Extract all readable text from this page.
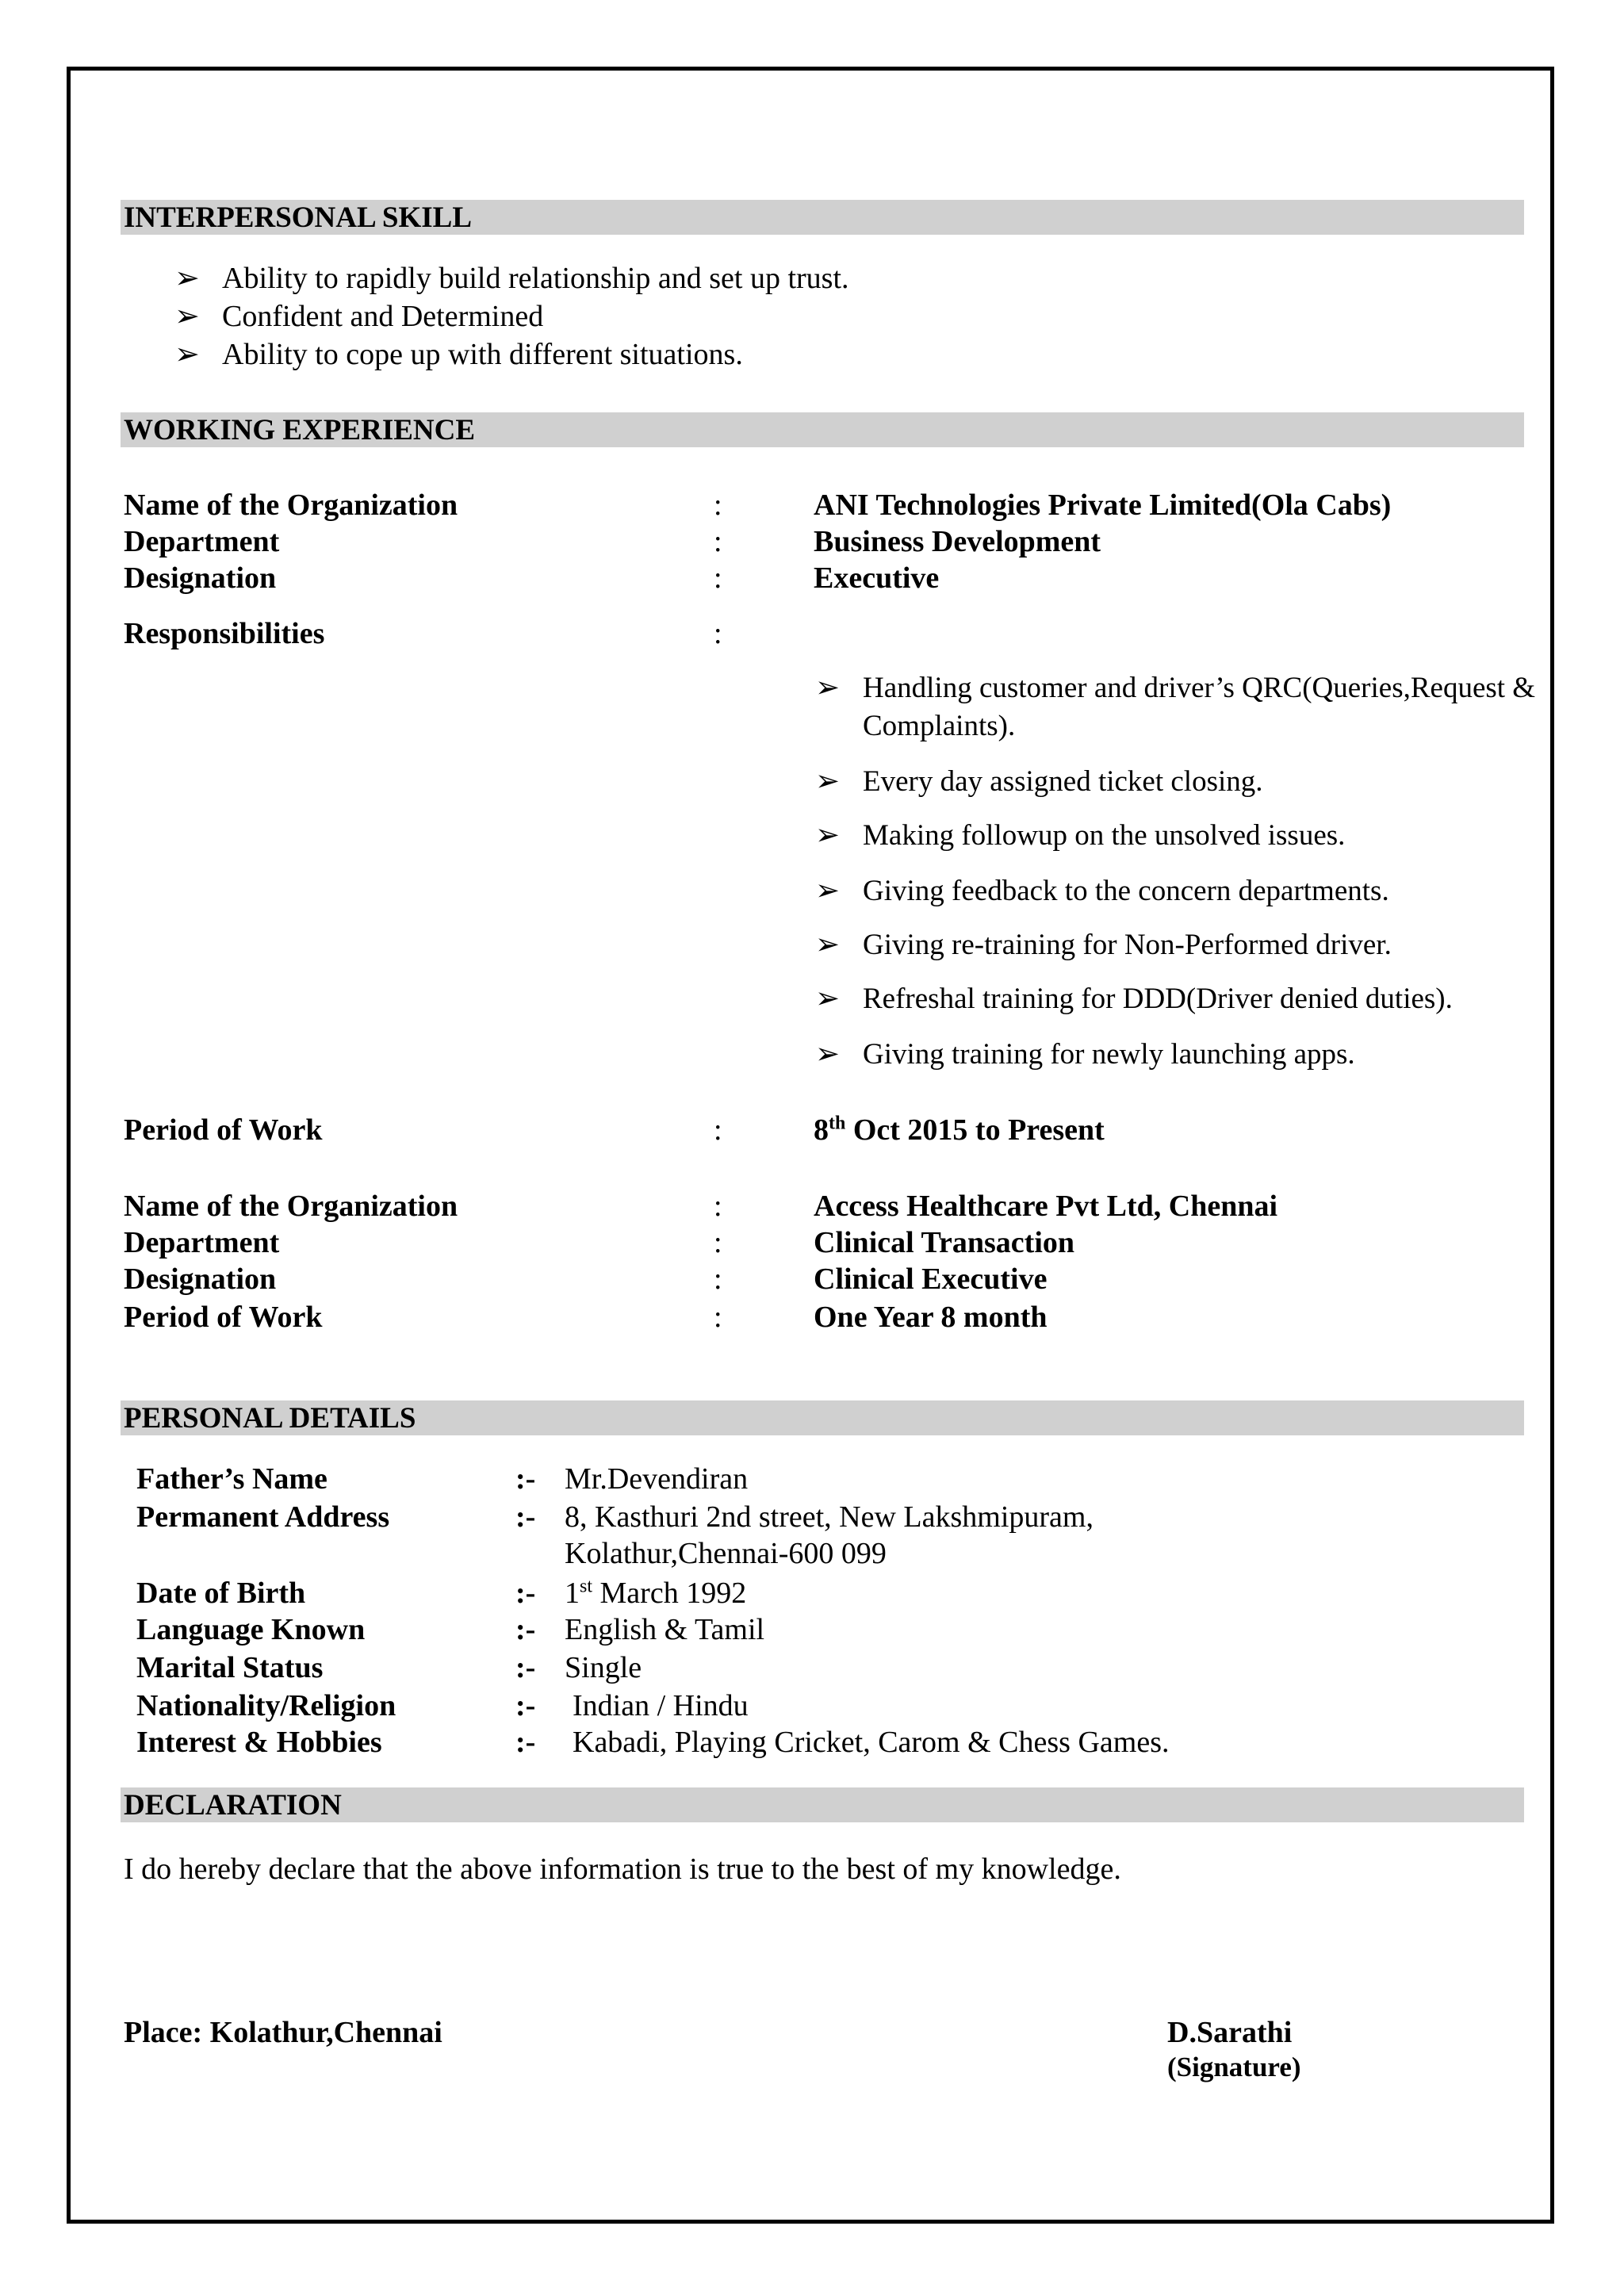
INTERPERSONAL SKILL
➢ Ability to rapidly build relationship and set up trust.
➢ Confident and Determined
➢ Ability to cope up with different situations.
WORKING EXPERIENCE
Name of the Organization	:	ANI Technologies Private Limited(Ola Cabs)
Department	:	Business Development
Designation	:	Executive
Responsibilities	:
➢ Handling customer and driver’s QRC(Queries,Request & Complaints).
➢ Every day assigned ticket closing.
➢ Making followup on the unsolved issues.
➢ Giving feedback to the concern departments.
➢ Giving re-training for Non-Performed driver.
➢ Refreshal training for DDD(Driver denied duties).
➢ Giving training for newly launching apps.
Period of Work	:	8th Oct 2015 to Present
Name of the Organization	:	Access Healthcare Pvt Ltd, Chennai
Department	:	Clinical Transaction
Designation	:	Clinical Executive
Period of Work	:	One Year 8 month
PERSONAL DETAILS
Father’s Name	:- Mr.Devendiran
Permanent Address	:- 8, Kasthuri 2nd street, New Lakshmipuram,
Kolathur,Chennai-600 099
Date of Birth	:- 1st March 1992
Language Known	:- English & Tamil
Marital Status	:- Single
Nationality/Religion	:- Indian / Hindu
Interest & Hobbies	:- Kabadi, Playing Cricket, Carom & Chess Games.
DECLARATION
I do hereby declare that the above information is true to the best of my knowledge.
Place: Kolathur,Chennai	D.Sarathi
(Signature)
